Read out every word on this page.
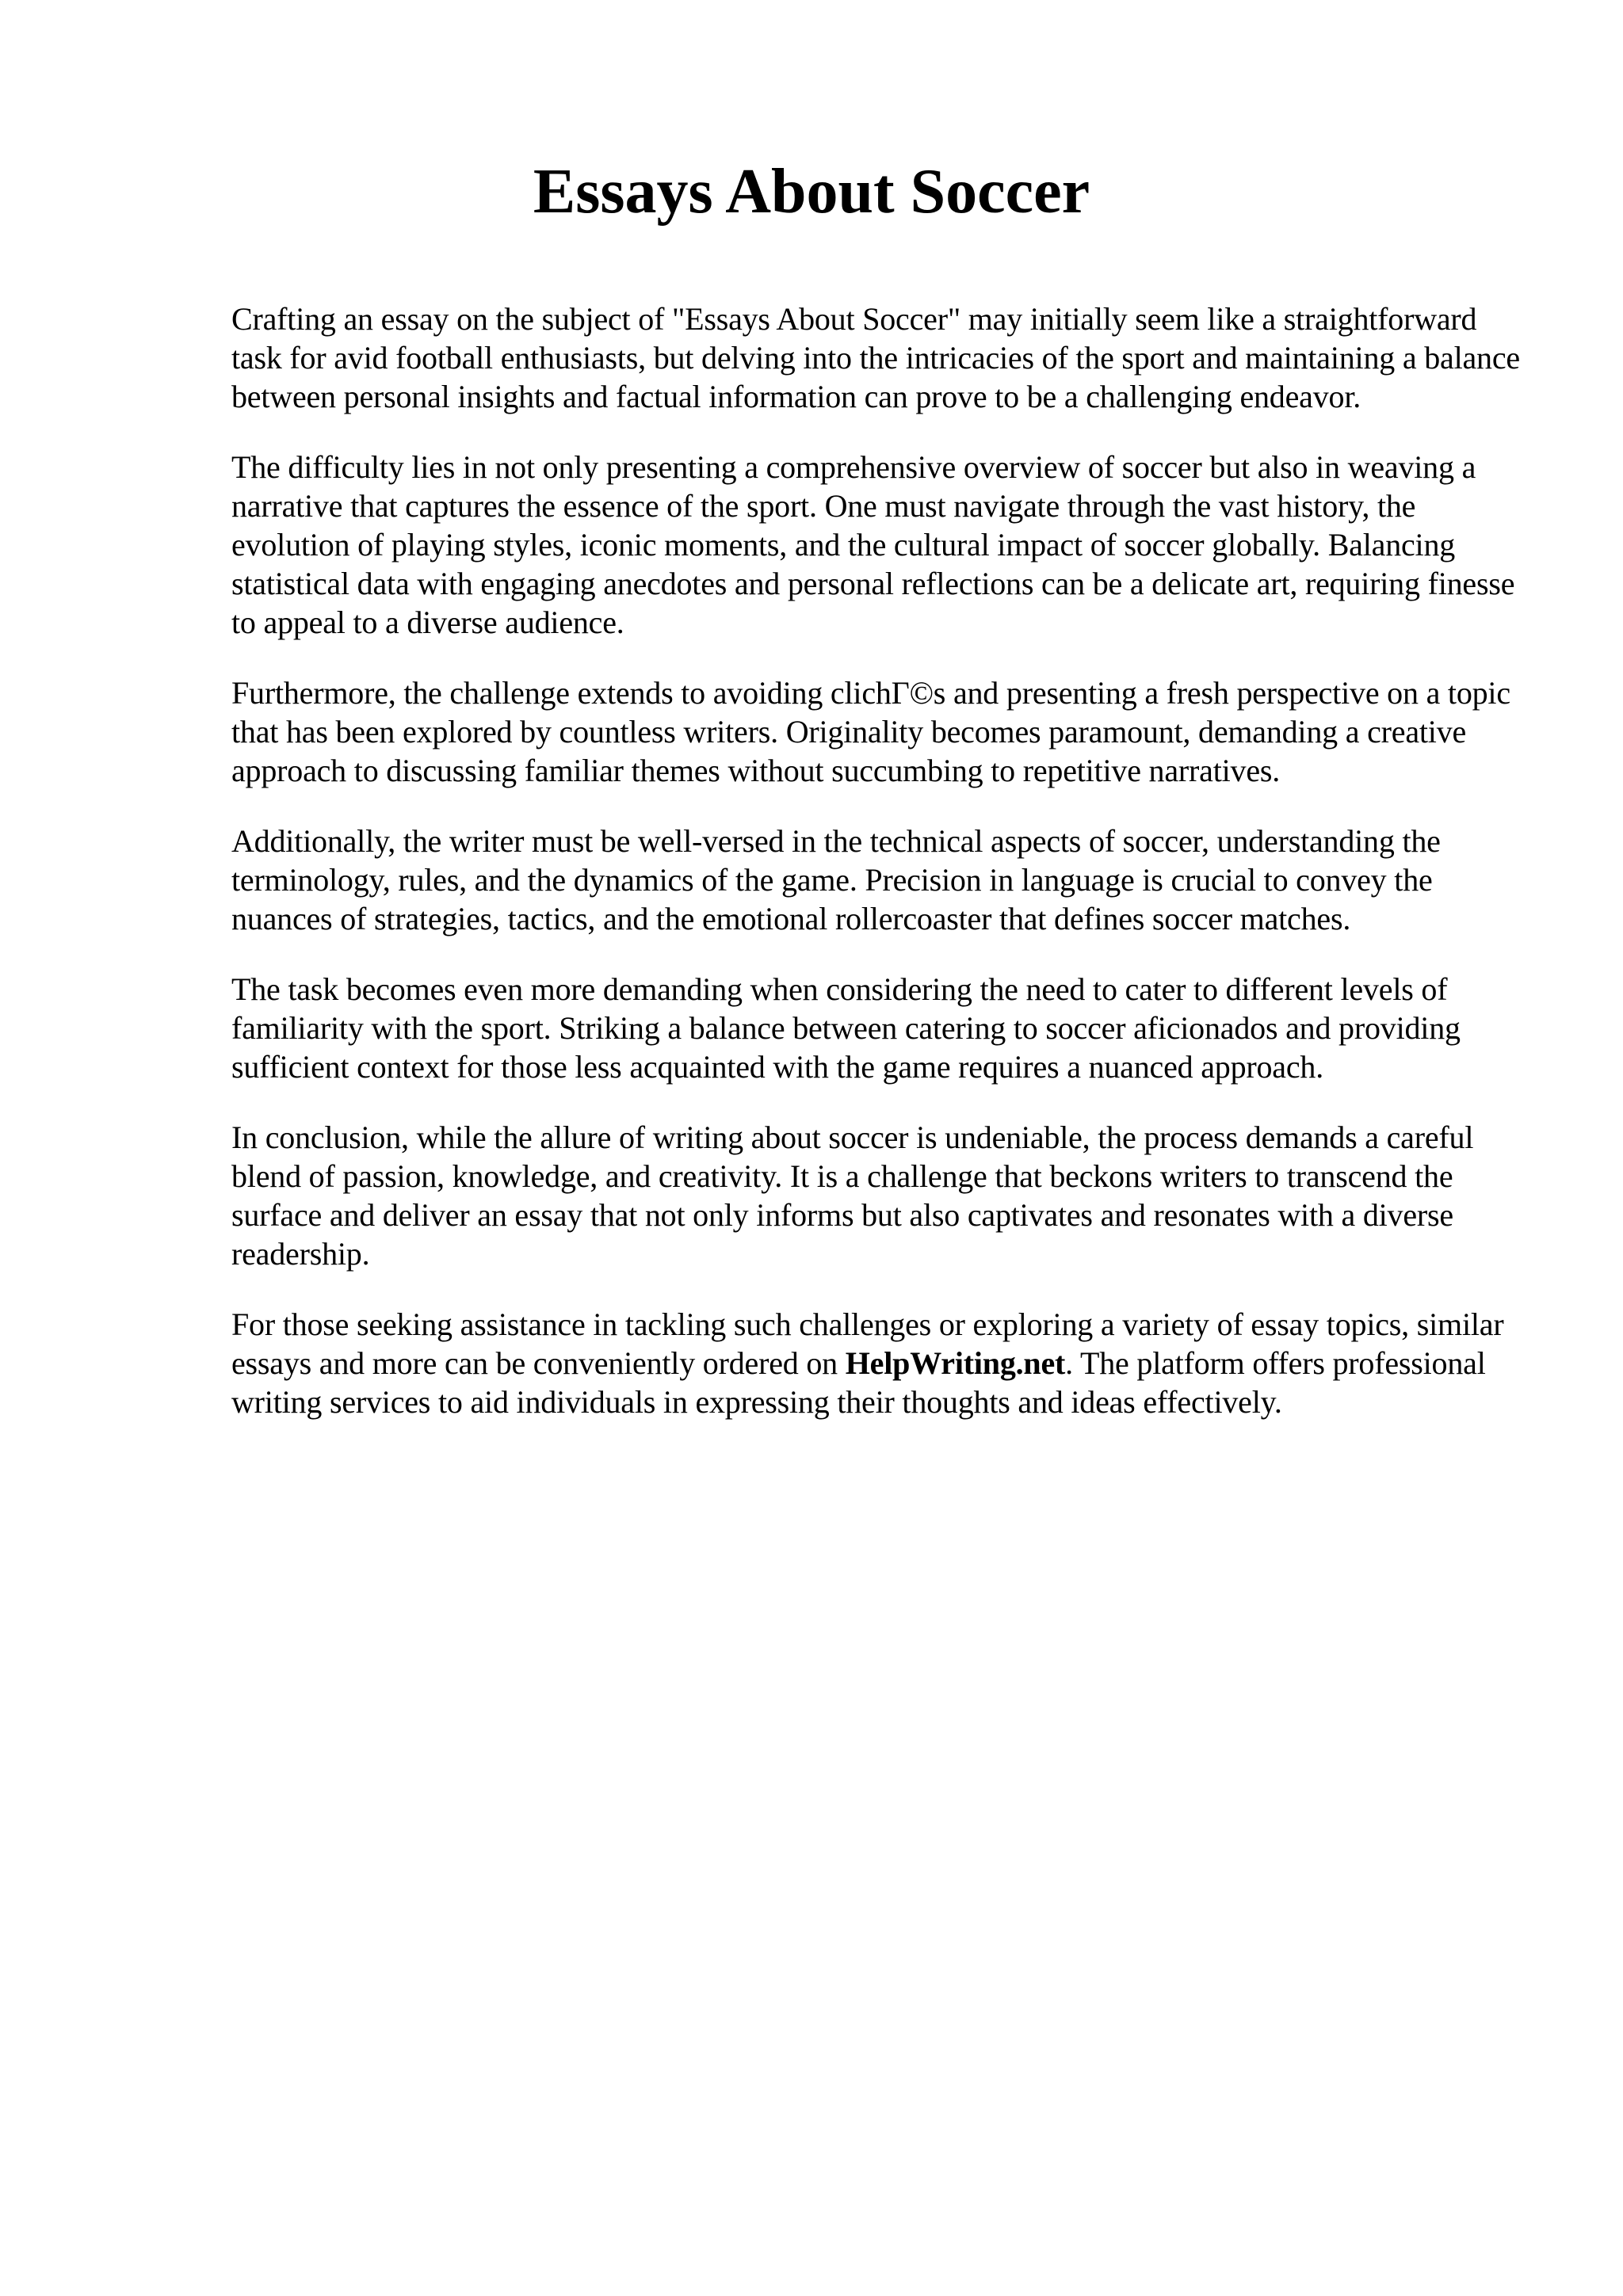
Essays About Soccer

Crafting an essay on the subject of "Essays About Soccer" may initially seem like a straightforward task for avid football enthusiasts, but delving into the intricacies of the sport and maintaining a balance between personal insights and factual information can prove to be a challenging endeavor.

The difficulty lies in not only presenting a comprehensive overview of soccer but also in weaving a narrative that captures the essence of the sport. One must navigate through the vast history, the evolution of playing styles, iconic moments, and the cultural impact of soccer globally. Balancing statistical data with engaging anecdotes and personal reflections can be a delicate art, requiring finesse to appeal to a diverse audience.

Furthermore, the challenge extends to avoiding clichΓ©s and presenting a fresh perspective on a topic that has been explored by countless writers. Originality becomes paramount, demanding a creative approach to discussing familiar themes without succumbing to repetitive narratives.

Additionally, the writer must be well-versed in the technical aspects of soccer, understanding the terminology, rules, and the dynamics of the game. Precision in language is crucial to convey the nuances of strategies, tactics, and the emotional rollercoaster that defines soccer matches.

The task becomes even more demanding when considering the need to cater to different levels of familiarity with the sport. Striking a balance between catering to soccer aficionados and providing sufficient context for those less acquainted with the game requires a nuanced approach.

In conclusion, while the allure of writing about soccer is undeniable, the process demands a careful blend of passion, knowledge, and creativity. It is a challenge that beckons writers to transcend the surface and deliver an essay that not only informs but also captivates and resonates with a diverse readership.

For those seeking assistance in tackling such challenges or exploring a variety of essay topics, similar essays and more can be conveniently ordered on HelpWriting.net. The platform offers professional writing services to aid individuals in expressing their thoughts and ideas effectively.
